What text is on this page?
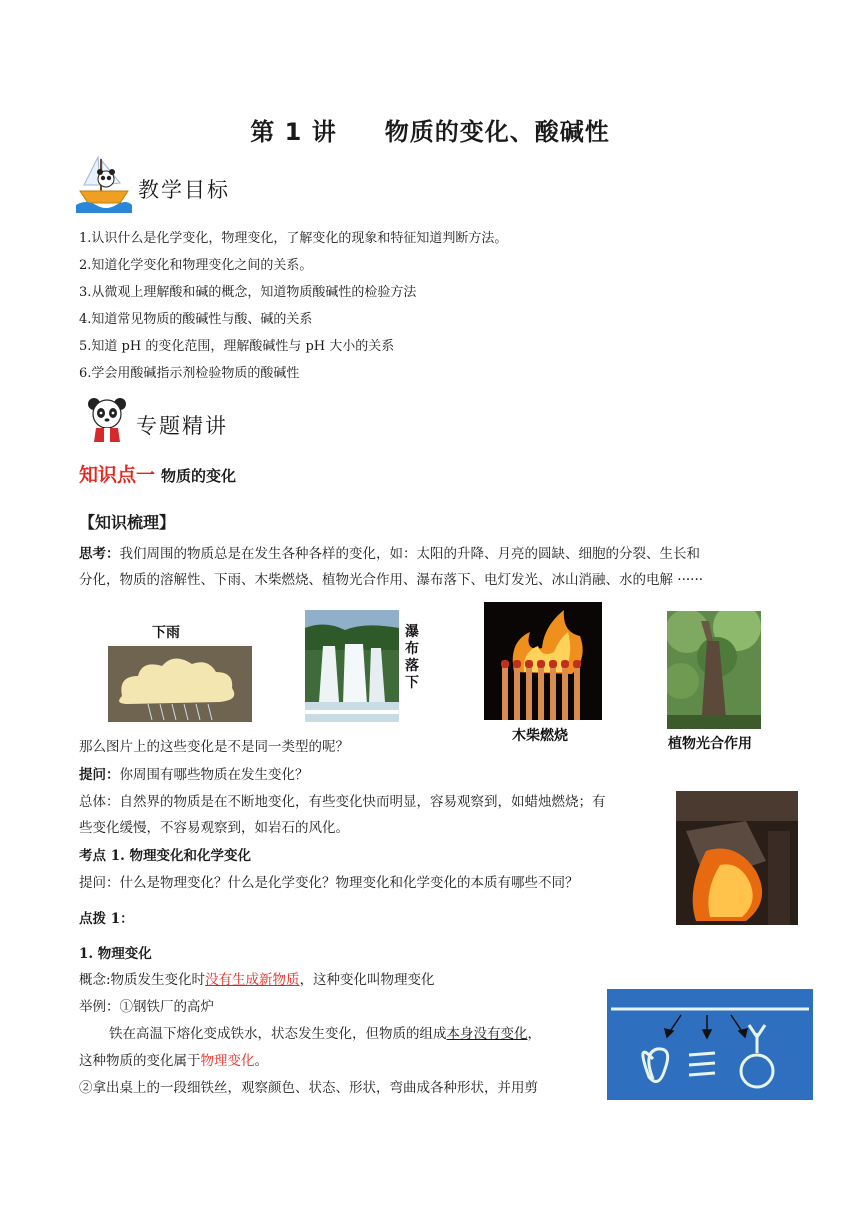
第 1 讲 物质的变化、酸碱性
教学目标
1.认识什么是化学变化，物理变化，了解变化的现象和特征知道判断方法。
2.知道化学变化和物理变化之间的关系。
3.从微观上理解酸和碱的概念，知道物质酸碱性的检验方法
4.知道常见物质的酸碱性与酸、碱的关系
5.知道 pH 的变化范围，理解酸碱性与 pH 大小的关系
6.学会用酸碱指示剂检验物质的酸碱性
专题精讲
知识点一 物质的变化
【知识梳理】
思考：我们周围的物质总是在发生各种各样的变化，如：太阳的升降、月亮的圆缺、细胞的分裂、生长和
分化，物质的溶解性、下雨、木柴燃烧、植物光合作用、瀑布落下、电灯发光、冰山消融、水的电解 ······
下雨	瀑布落下
木柴燃烧	植物光合作用
那么图片上的这些变化是不是同一类型的呢？
提问：你周围有哪些物质在发生变化？
总体：自然界的物质是在不断地变化，有些变化快而明显，容易观察到，如蜡烛燃烧；有
些变化缓慢，不容易观察到，如岩石的风化。
考点 1. 物理变化和化学变化
提问：什么是物理变化？什么是化学变化？物理变化和化学变化的本质有哪些不同？
点拨 1：
1. 物理变化
概念:物质发生变化时没有生成新物质，这种变化叫物理变化
举例：①钢铁厂的高炉
铁在高温下熔化变成铁水，状态发生变化，但物质的组成本身没有变化，
这种物质的变化属于物理变化。
②拿出桌上的一段细铁丝，观察颜色、状态、形状，弯曲成各种形状，并用剪
